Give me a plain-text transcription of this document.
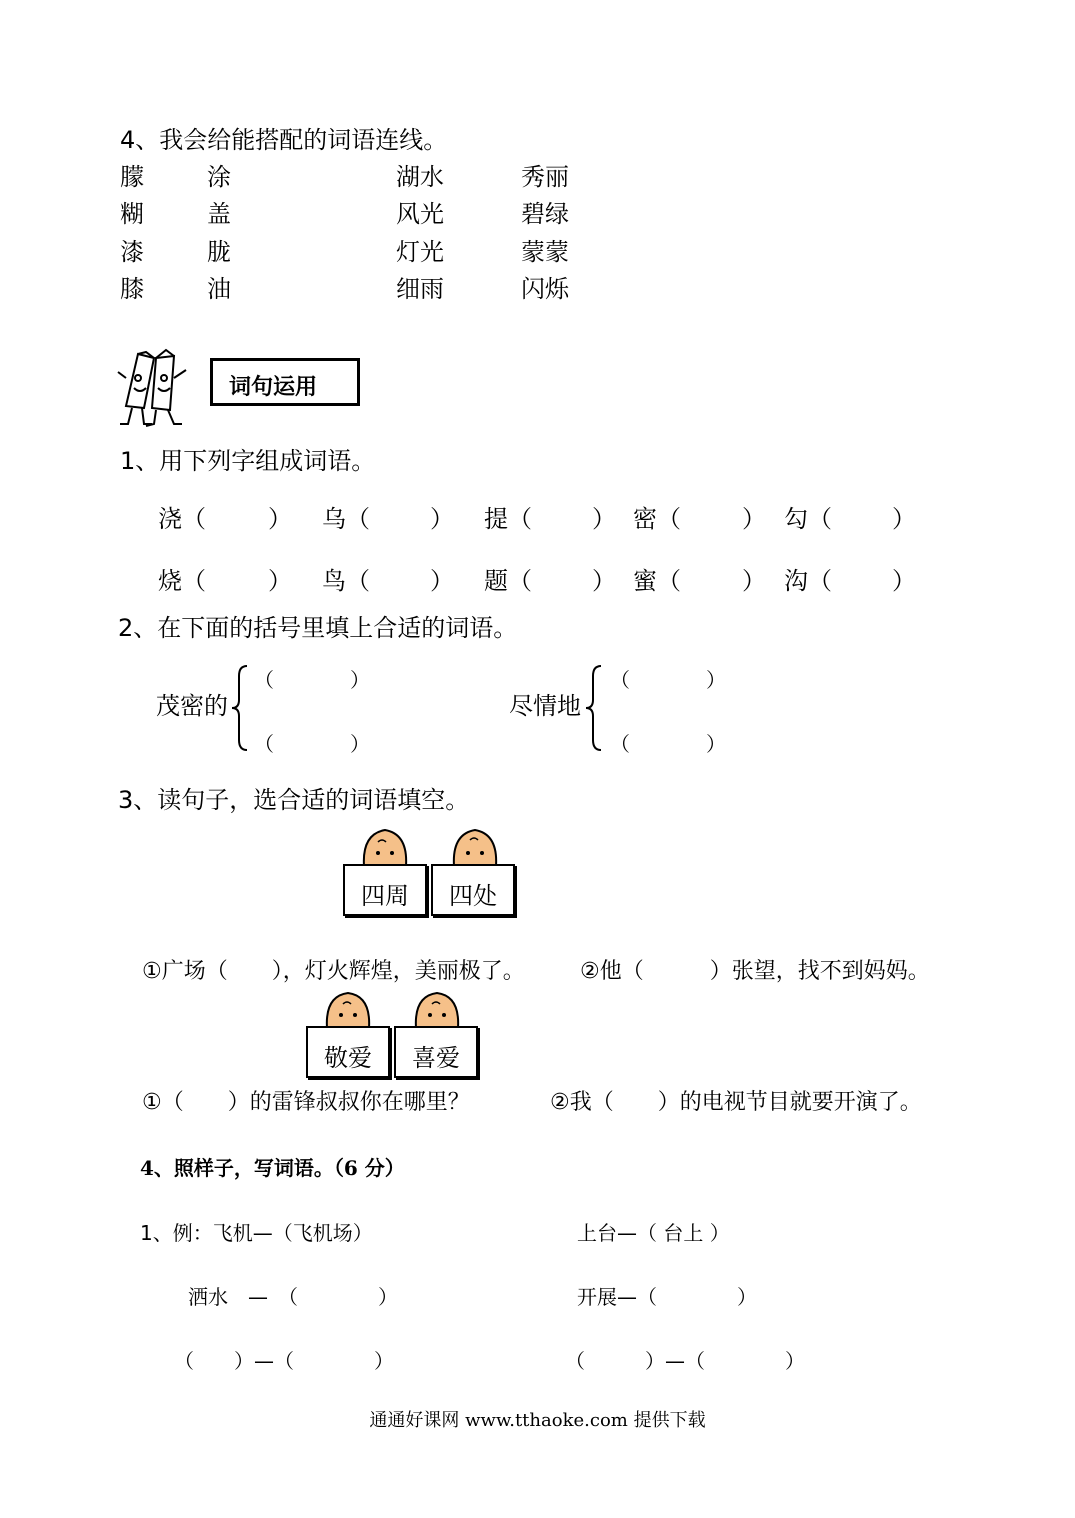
4、我会给能搭配的词语连线。
朦	涂	湖水	秀丽
糊	盖	风光	碧绿
漆	胧	灯光	蒙蒙
膝	油	细雨	闪烁
词句运用
1、用下列字组成词语。
浇（	） 乌（	） 提（	） 密（	） 勾（	）
烧（	） 鸟（	） 题（	） 蜜（	） 沟（	）
2、在下面的括号里填上合适的词语。
茂密的
（	）
（	）
尽情地
（	）
（	）
3、读句子，选合适的词语填空。
四周	四处
①广场（　　），灯火辉煌，美丽极了。	②他（　　　）张望，找不到妈妈。
敬爱	喜爱
①（　　）的雷锋叔叔你在哪里？	②我（　　）的电视节目就要开演了。
4、照样子，写词语。（6 分）
1、例：飞机—（飞机场）	上台—（ 台上 ）
洒水　—　（　　　　）	开展—（　　　　）
（　　）—（　　　　）	（　　　）—（　　　　）
通通好课网 www.tthaoke.com 提供下载
